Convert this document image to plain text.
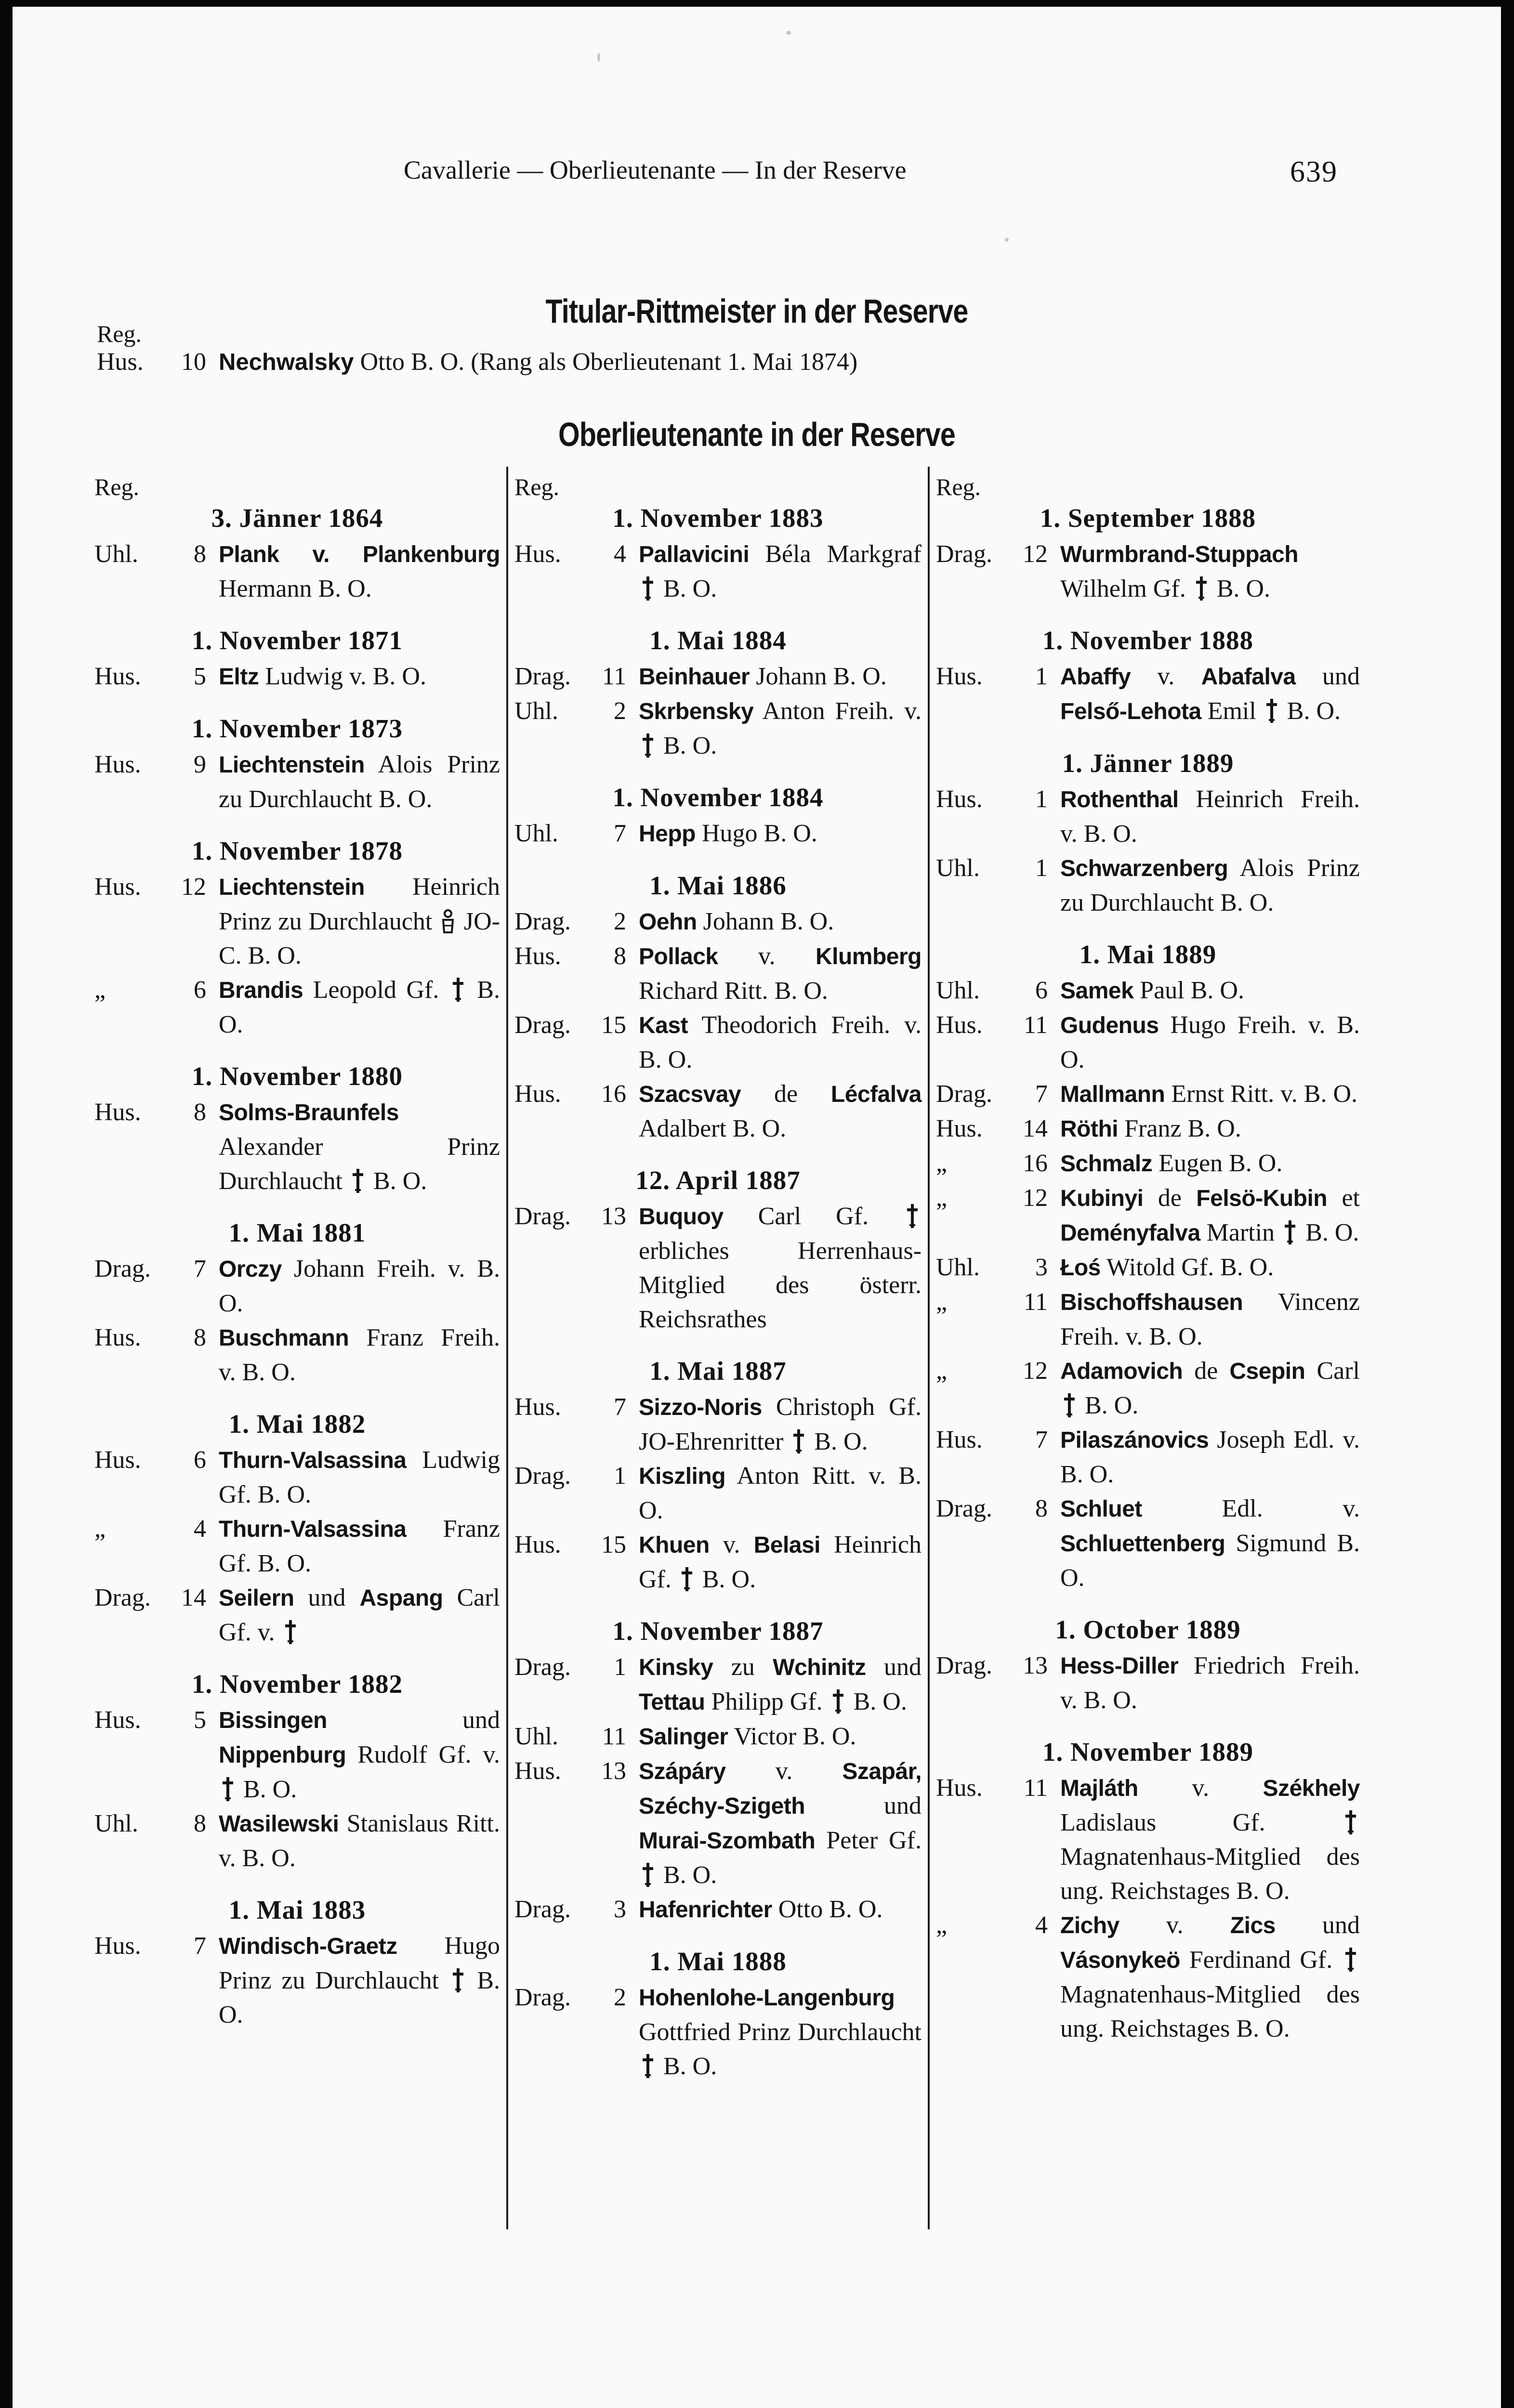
Cavallerie — Oberlieutenante — In der Reserve	639
Titular-Rittmeister in der Reserve
Reg.
Hus. 10 Nechwalsky Otto B. O. (Rang als Oberlieutenant 1. Mai 1874)
Oberlieutenante in der Reserve
Reg.
3. Jänner 1864
Uhl.	8 Plank v. Plankenburg Hermann B. O.
1. November 1871
Hus.	5 Eltz Ludwig v. B. O.
1. November 1873
Hus.	9 Liechtenstein Alois Prinz zu Durchlaucht B. O.
1. November 1878
Hus.	12 Liechtenstein Heinrich Prinz zu Durchlaucht
JO-C. B. O.
„	6 Brandis Leopold Gf.
B. O.
1. November 1880
Hus.	8 Solms-Braunfels Alexander Prinz Durchlaucht
B. O.
1. Mai 1881
Drag.	7 Orczy Johann Freih. v. B. O.
Hus.	8 Buschmann Franz Freih. v. B. O.
1. Mai 1882
Hus.	6 Thurn-Valsassina Ludwig Gf. B. O.
„	4 Thurn-Valsassina Franz Gf. B. O.
Drag.	14 Seilern und Aspang Carl Gf. v.
1. November 1882
Hus.	5 Bissingen und Nippenburg Rudolf Gf. v.
B. O.
Uhl.	8 Wasilewski Stanislaus Ritt. v. B. O.
1. Mai 1883
Hus.	7 Windisch-Graetz Hugo Prinz zu Durchlaucht
B. O.
Reg.
1. November 1883
Hus.	4 Pallavicini Béla Markgraf
B. O.
1. Mai 1884
Drag.	11 Beinhauer Johann B. O.
Uhl.	2 Skrbensky Anton Freih. v.
B. O.
1. November 1884
Uhl.	7 Hepp Hugo B. O.
1. Mai 1886
Drag.	2 Oehn Johann B. O.
Hus.	8 Pollack v. Klumberg Richard Ritt. B. O.
Drag.	15 Kast Theodorich Freih. v. B. O.
Hus.	16 Szacsvay de Lécfalva Adalbert B. O.
12. April 1887
Drag.	13 Buquoy Carl Gf.
erbliches Herrenhaus-Mitglied des österr. Reichsrathes
1. Mai 1887
Hus.	7 Sizzo-Noris Christoph Gf. JO-Ehrenritter
B. O.
Drag.	1 Kiszling Anton Ritt. v. B. O.
Hus.	15 Khuen v. Belasi Heinrich Gf.
B. O.
1. November 1887
Drag.	1 Kinsky zu Wchinitz und Tettau Philipp Gf.
B. O.
Uhl.	11 Salinger Victor B. O.
Hus.	13 Szápáry v. Szapár, Széchy-Szigeth und Murai-Szombath Peter Gf.
B. O.
Drag.	3 Hafenrichter Otto B. O.
1. Mai 1888
Drag.	2 Hohenlohe-Langenburg Gottfried Prinz Durchlaucht
B. O.
Reg.
1. September 1888
Drag.	12 Wurmbrand-Stuppach Wilhelm Gf.
B. O.
1. November 1888
Hus.	1 Abaffy v. Abafalva und Felső-Lehota Emil
B. O.
1. Jänner 1889
Hus.	1 Rothenthal Heinrich Freih. v. B. O.
Uhl.	1 Schwarzenberg Alois Prinz zu Durchlaucht B. O.
1. Mai 1889
Uhl.	6 Samek Paul B. O.
Hus.	11 Gudenus Hugo Freih. v. B. O.
Drag.	7 Mallmann Ernst Ritt. v. B. O.
Hus.	14 Röthi Franz B. O.
„	16 Schmalz Eugen B. O.
„	12 Kubinyi de Felsö-Kubin et Deményfalva Martin
B. O.
Uhl.	3 Łoś Witold Gf. B. O.
„	11 Bischoffshausen Vincenz Freih. v. B. O.
„	12 Adamovich de Csepin Carl
B. O.
Hus.	7 Pilaszánovics Joseph Edl. v. B. O.
Drag.	8 Schluet Edl. v. Schluettenberg Sigmund B. O.
1. October 1889
Drag.	13 Hess-Diller Friedrich Freih. v. B. O.
1. November 1889
Hus.	11 Majláth v. Székhely Ladislaus Gf.
Magnatenhaus-Mitglied des ung. Reichstages B. O.
„	4 Zichy v. Zics und Vásonykeö Ferdinand Gf.
Magnatenhaus-Mitglied des ung. Reichstages B. O.
